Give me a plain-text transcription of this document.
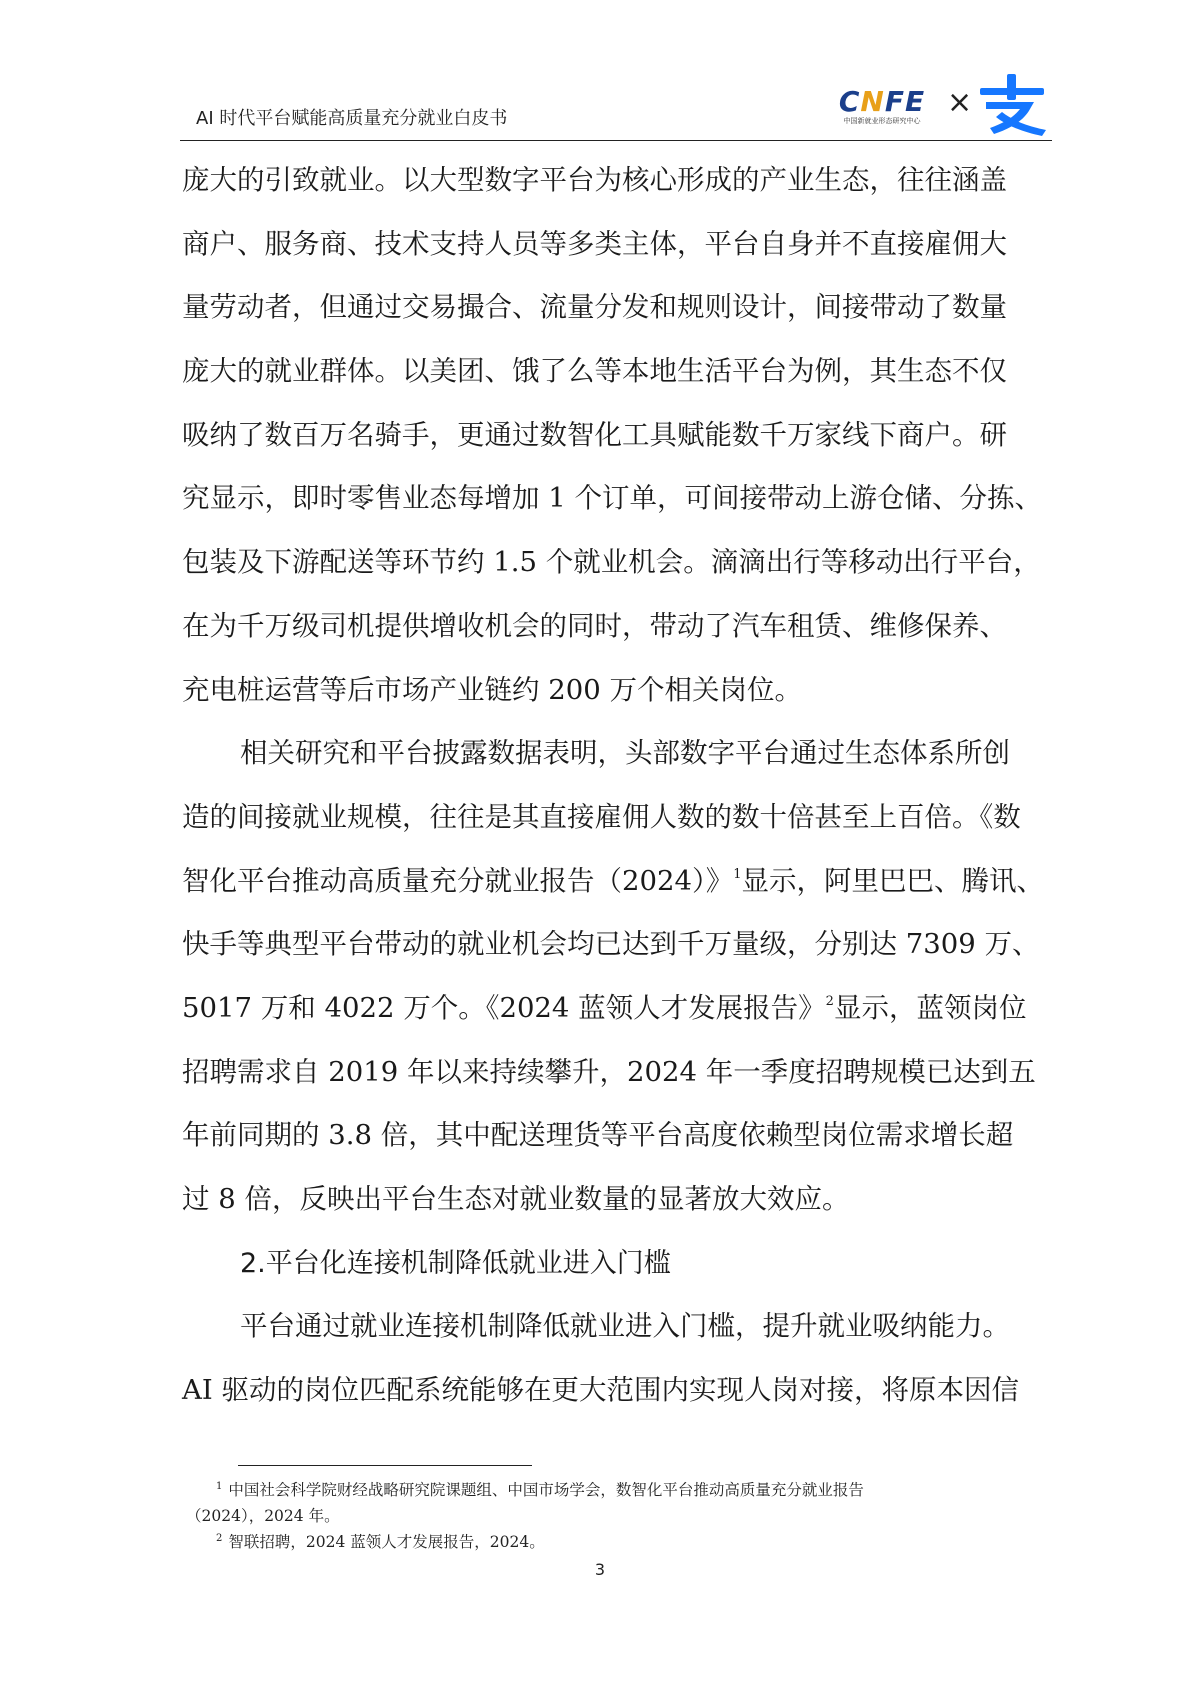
AI 时代平台赋能高质量充分就业白皮书
CNFE
中国新就业形态研究中心
×
庞大的引致就业。以大型数字平台为核心形成的产业生态，往往涵盖
商户、服务商、技术支持人员等多类主体，平台自身并不直接雇佣大
量劳动者，但通过交易撮合、流量分发和规则设计，间接带动了数量
庞大的就业群体。以美团、饿了么等本地生活平台为例，其生态不仅
吸纳了数百万名骑手，更通过数智化工具赋能数千万家线下商户。研
究显示，即时零售业态每增加 1 个订单，可间接带动上游仓储、分拣、
包装及下游配送等环节约 1.5 个就业机会。滴滴出行等移动出行平台，
在为千万级司机提供增收机会的同时，带动了汽车租赁、维修保养、
充电桩运营等后市场产业链约 200 万个相关岗位。
相关研究和平台披露数据表明，头部数字平台通过生态体系所创
造的间接就业规模，往往是其直接雇佣人数的数十倍甚至上百倍。《数
智化平台推动高质量充分就业报告（2024）》$^1$显示，阿里巴巴、腾讯、
快手等典型平台带动的就业机会均已达到千万量级，分别达 7309 万、
5017 万和 4022 万个。《2024 蓝领人才发展报告》$^2$显示，蓝领岗位
招聘需求自 2019 年以来持续攀升，2024 年一季度招聘规模已达到五
年前同期的 3.8 倍，其中配送理货等平台高度依赖型岗位需求增长超
过 8 倍，反映出平台生态对就业数量的显著放大效应。
2.平台化连接机制降低就业进入门槛
平台通过就业连接机制降低就业进入门槛，提升就业吸纳能力。
AI 驱动的岗位匹配系统能够在更大范围内实现人岗对接，将原本因信
$^1$ 中国社会科学院财经战略研究院课题组、中国市场学会，数智化平台推动高质量充分就业报告
（2024），2024 年。
$^2$ 智联招聘，2024 蓝领人才发展报告，2024。
3
